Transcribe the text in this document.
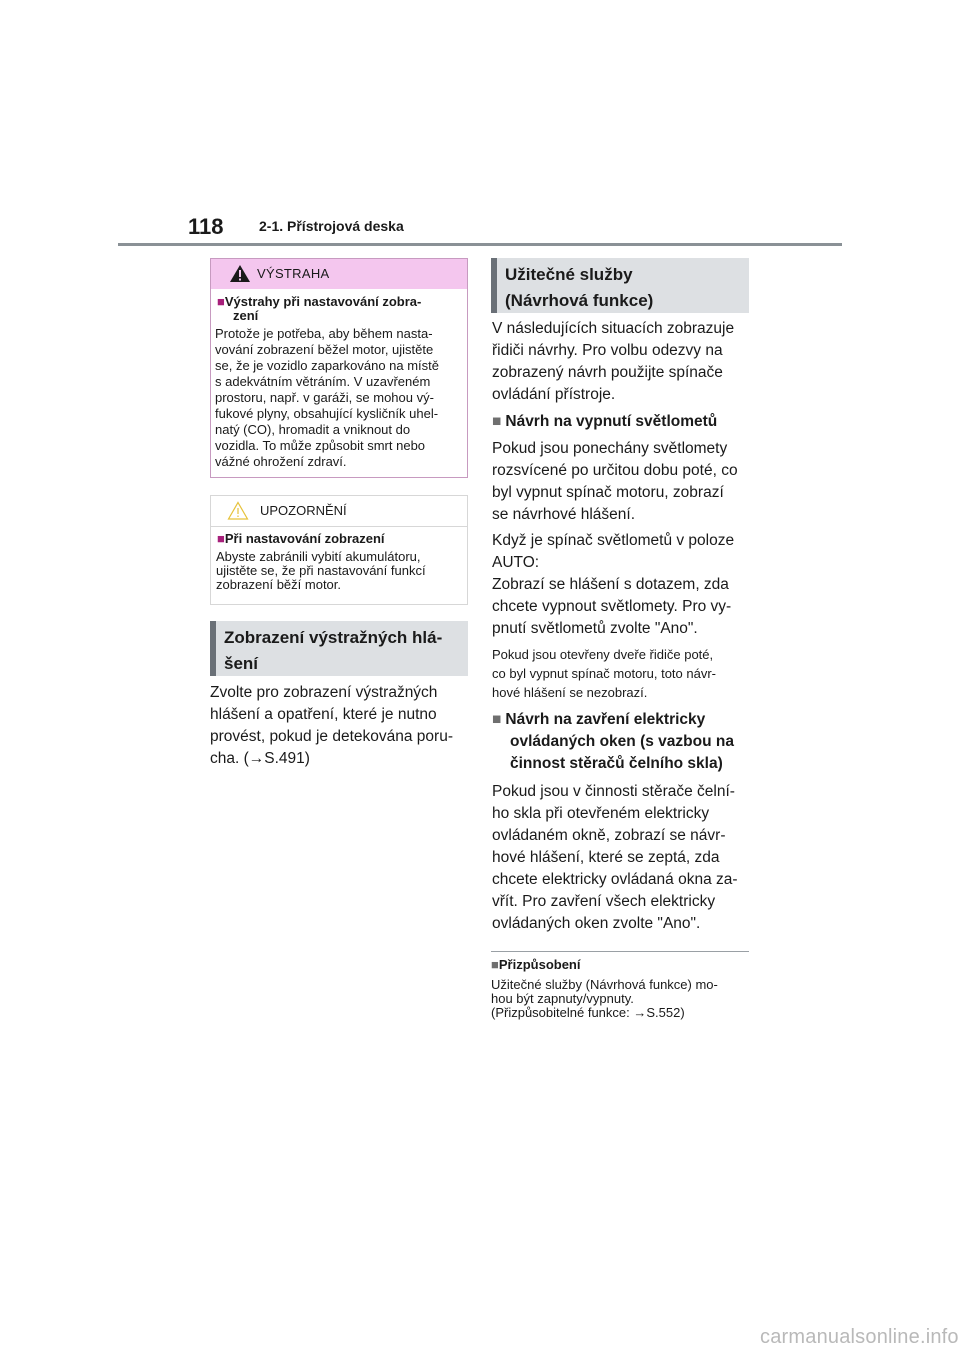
118	2-1. Přístrojová deska
VÝSTRAHA
■Výstrahy při nastavování zobra-
zení
Protože je potřeba, aby během nasta-
vování zobrazení běžel motor, ujistěte
se, že je vozidlo zaparkováno na místě
s adekvátním větráním. V uzavřeném
prostoru, např. v garáži, se mohou vý-
fukové plyny, obsahující kysličník uhel-
natý (CO), hromadit a vniknout do
vozidla. To může způsobit smrt nebo
vážné ohrožení zdraví.
UPOZORNĚNÍ
■Při nastavování zobrazení
Abyste zabránili vybití akumulátoru,
ujistěte se, že při nastavování funkcí
zobrazení běží motor.
Zobrazení výstražných hlá-
šení
Zvolte pro zobrazení výstražných
hlášení a opatření, které je nutno
provést, pokud je detekována poru-
cha. (→S.491)
Užitečné služby
(Návrhová funkce)
V následujících situacích zobrazuje
řidiči návrhy. Pro volbu odezvy na
zobrazený návrh použijte spínače
ovládání přístroje.
■ Návrh na vypnutí světlometů
Pokud jsou ponechány světlomety
rozsvícené po určitou dobu poté, co
byl vypnut spínač motoru, zobrazí
se návrhové hlášení.
Když je spínač světlometů v poloze
AUTO:
Zobrazí se hlášení s dotazem, zda
chcete vypnout světlomety. Pro vy-
pnutí světlometů zvolte "Ano".
Pokud jsou otevřeny dveře řidiče poté,
co byl vypnut spínač motoru, toto návr-
hové hlášení se nezobrazí.
■ Návrh na zavření elektricky
ovládaných oken (s vazbou na
činnost stěračů čelního skla)
Pokud jsou v činnosti stěrače čelní-
ho skla při otevřeném elektricky
ovládaném okně, zobrazí se návr-
hové hlášení, které se zeptá, zda
chcete elektricky ovládaná okna za-
vřít. Pro zavření všech elektricky
ovládaných oken zvolte "Ano".
■Přizpůsobení
Užitečné služby (Návrhová funkce) mo-
hou být zapnuty/vypnuty.
(Přizpůsobitelné funkce: →S.552)
carmanualsonline.info
